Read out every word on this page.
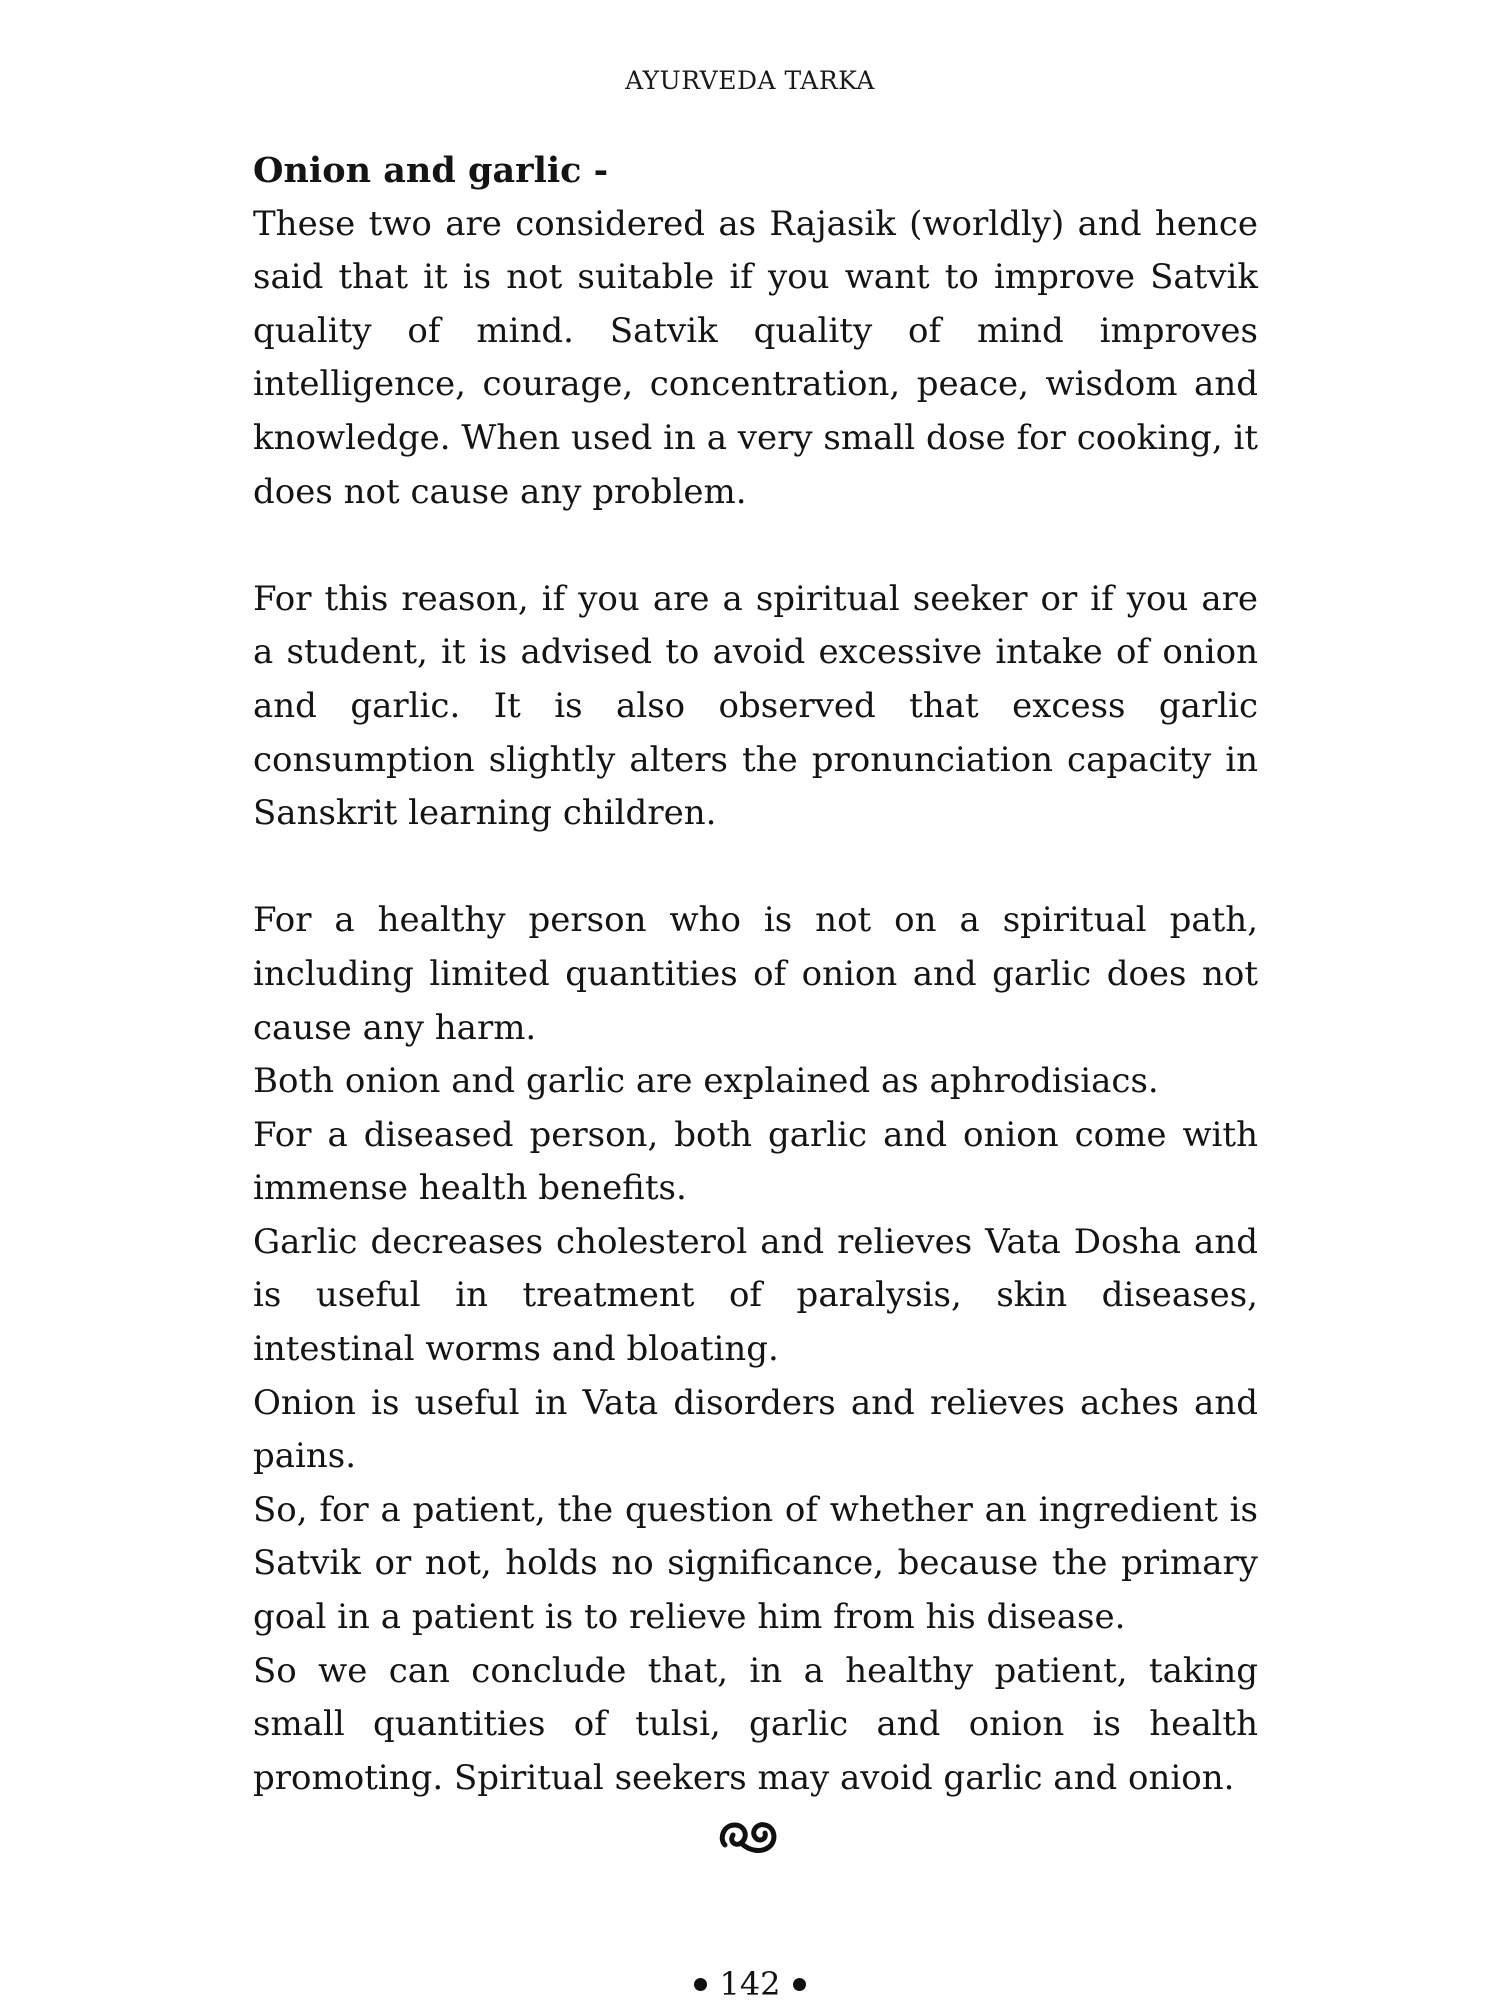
AYURVEDA TARKA

Onion and garlic -

These two are considered as Rajasik (worldly) and hence said that it is not suitable if you want to improve Satvik quality of mind. Satvik quality of mind improves intelligence, courage, concentration, peace, wisdom and knowledge. When used in a very small dose for cooking, it does not cause any problem.

For this reason, if you are a spiritual seeker or if you are a student, it is advised to avoid excessive intake of onion and garlic. It is also observed that excess garlic consumption slightly alters the pronunciation capacity in Sanskrit learning children.

For a healthy person who is not on a spiritual path, including limited quantities of onion and garlic does not cause any harm.

Both onion and garlic are explained as aphrodisiacs.

For a diseased person, both garlic and onion come with immense health benefits.

Garlic decreases cholesterol and relieves Vata Dosha and is useful in treatment of paralysis, skin diseases, intestinal worms and bloating.

Onion is useful in Vata disorders and relieves aches and pains.

So, for a patient, the question of whether an ingredient is Satvik or not, holds no significance, because the primary goal in a patient is to relieve him from his disease.

So we can conclude that, in a healthy patient, taking small quantities of tulsi, garlic and onion is health promoting. Spiritual seekers may avoid garlic and onion.

142
